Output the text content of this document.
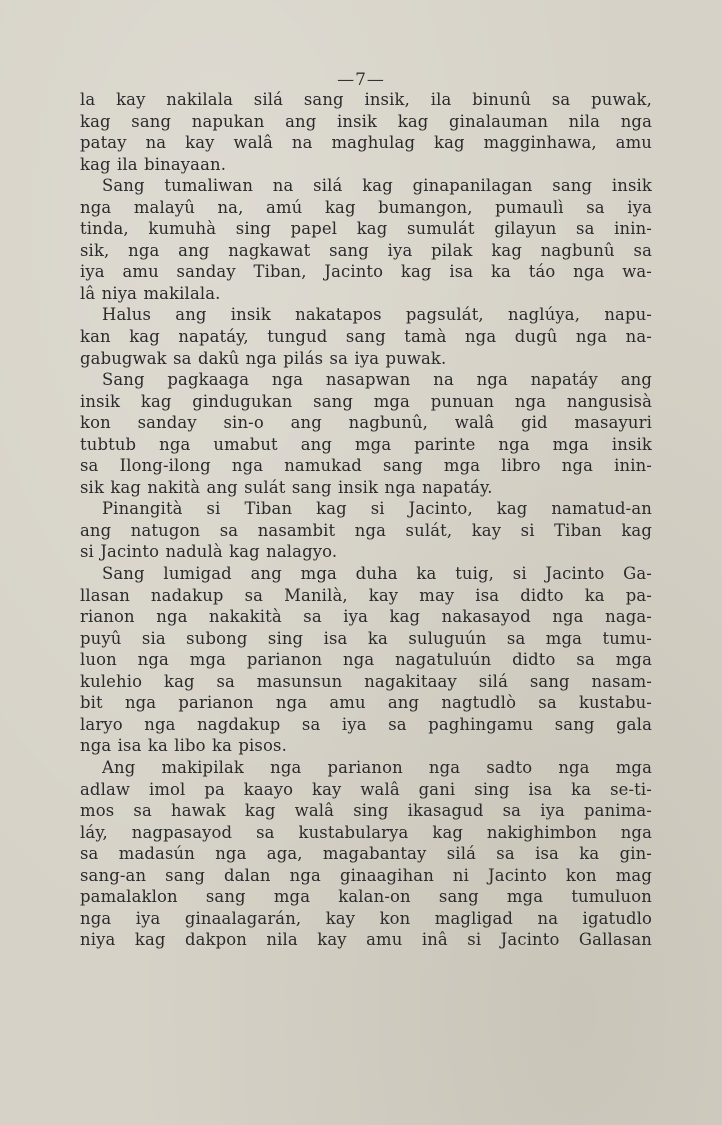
—7—
la kay nakilala silá sang insik, ila binunû sa puwak,
kag sang napukan ang insik kag ginalauman nila nga
patay na kay walâ na maghulag kag magginhawa, amu
kag ila binayaan.
Sang tumaliwan na silá kag ginapanilagan sang insik
nga malayû na, amú kag bumangon, pumaulì sa iya
tinda, kumuhà sing papel kag sumulát gilayun sa inin-
sik, nga ang nagkawat sang iya pilak kag nagbunû sa
iya amu sanday Tiban, Jacinto kag isa ka táo nga wa-
lâ niya makilala.
Halus ang insik nakatapos pagsulát, naglúya, napu-
kan kag napatáy, tungud sang tamà nga dugû nga na-
gabugwak sa dakû nga pilás sa iya puwak.
Sang pagkaaga nga nasapwan na nga napatáy ang
insik kag gindugukan sang mga punuan nga nangusisà
kon sanday sin-o ang nagbunû, walâ gid masayuri
tubtub nga umabut ang mga parinte nga mga insik
sa Ilong-ilong nga namukad sang mga libro nga inin-
sik kag nakità ang sulát sang insik nga napatáy.
Pinangità si Tiban kag si Jacinto, kag namatud-an
ang natugon sa nasambit nga sulát, kay si Tiban kag
si Jacinto nadulà kag nalagyo.
Sang lumigad ang mga duha ka tuig, si Jacinto Ga-
llasan nadakup sa Manilà, kay may isa didto ka pa-
rianon nga nakakità sa iya kag nakasayod nga naga-
puyû sia subong sing isa ka suluguún sa mga tumu-
luon nga mga parianon nga nagatuluún didto sa mga
kulehio kag sa masunsun nagakitaay silá sang nasam-
bit nga parianon nga amu ang nagtudlò sa kustabu-
laryo nga nagdakup sa iya sa paghingamu sang gala
nga isa ka libo ka pisos.
Ang makipilak nga parianon nga sadto nga mga
adlaw imol pa kaayo kay walâ gani sing isa ka se-ti-
mos sa hawak kag walâ sing ikasagud sa iya panima-
láy, nagpasayod sa kustabularya kag nakighimbon nga
sa madasún nga aga, magabantay silá sa isa ka gin-
sang-an sang dalan nga ginaagihan ni Jacinto kon mag
pamalaklon sang mga kalan-on sang mga tumuluon
nga iya ginaalagarán, kay kon magligad na igatudlo
niya kag dakpon nila kay amu inâ si Jacinto Gallasan
